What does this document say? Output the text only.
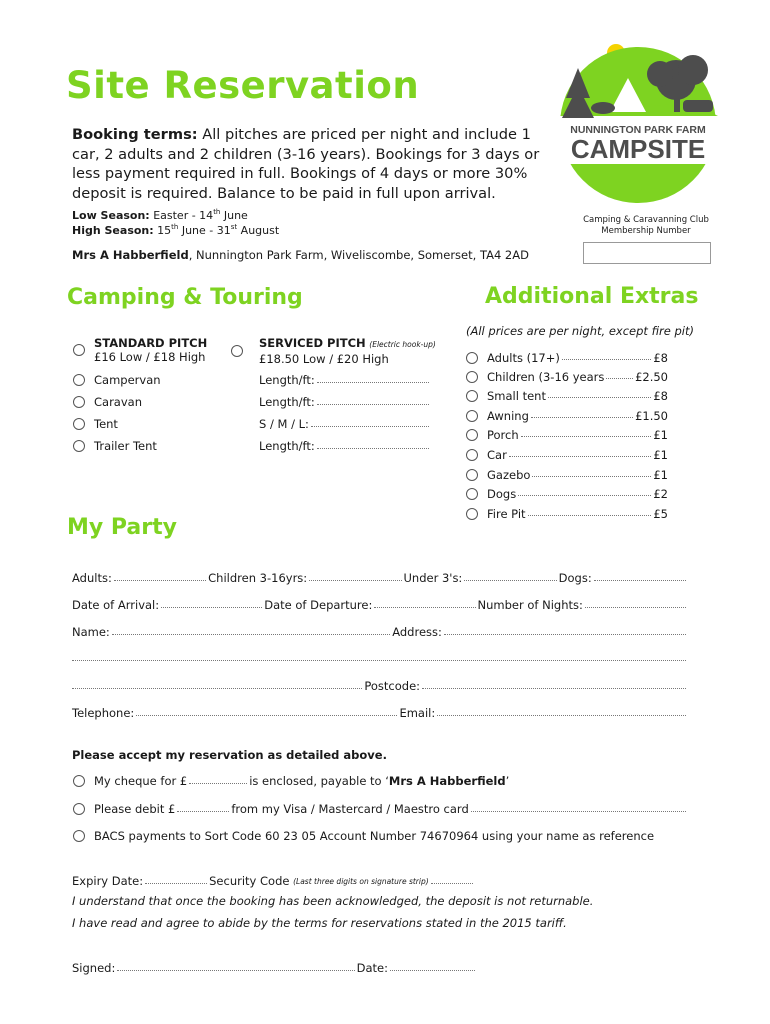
Site Reservation
Booking terms: All pitches are priced per night and include 1 car, 2 adults and 2 children (3-16 years). Bookings for 3 days or less payment required in full. Bookings of 4 days or more 30% deposit is required. Balance to be paid in full upon arrival.
Low Season: Easter - 14th June
High Season: 15th June - 31st August
Mrs A Habberfield, Nunnington Park Farm, Wiveliscombe, Somerset, TA4 2AD
NUNNINGTON PARK FARM
CAMPSITE
Camping & Caravanning Club Membership Number
Camping & Touring
STANDARD PITCH
£16 Low / £18 High
SERVICED PITCH (Electric hook-up)
£18.50 Low / £20 High
Campervan	Length/ft:
Caravan	Length/ft:
Tent	S / M / L:
Trailer Tent	Length/ft:
Additional Extras
(All prices are per night, except fire pit)
Adults (17+)	£8
Children (3-16 years	£2.50
Small tent	£8
Awning	£1.50
Porch	£1
Car	£1
Gazebo	£1
Dogs	£2
Fire Pit	£5
My Party
Adults:	Children 3-16yrs:	Under 3's:	Dogs:
Date of Arrival:	Date of Departure:	Number of Nights:
Name:	Address:
Postcode:
Telephone:	Email:
Please accept my reservation as detailed above.
My cheque for £	is enclosed, payable to ‘ Mrs A Habberfield ’
Please debit £	from my Visa / Mastercard / Maestro card
BACS payments to Sort Code 60 23 05 Account Number 74670964 using your name as reference
Expiry Date:	Security Code
(Last three digits on signature strip)
I understand that once the booking has been acknowledged, the deposit is not returnable.
I have read and agree to abide by the terms for reservations stated in the 2015 tariff.
Signed:	Date:
